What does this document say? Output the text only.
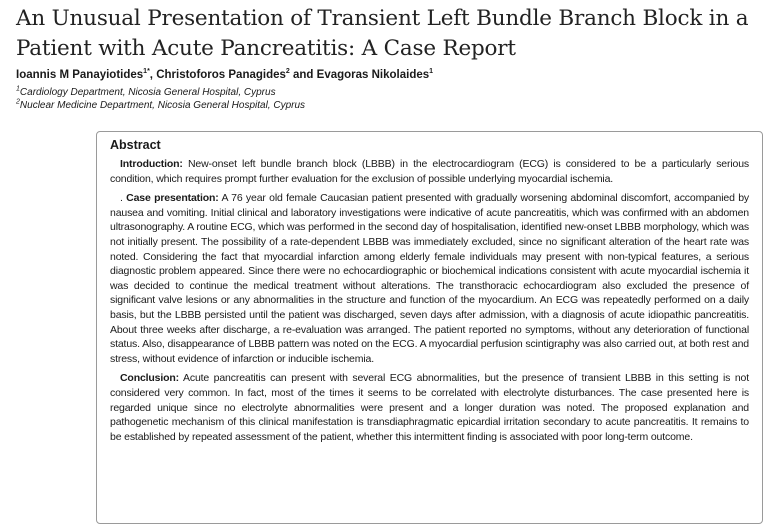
An Unusual Presentation of Transient Left Bundle Branch Block in a Patient with Acute Pancreatitis: A Case Report
Ioannis M Panayiotides$^{1*}$, Christoforos Panagides$^2$ and Evagoras Nikolaides$^1$
$^1$Cardiology Department, Nicosia General Hospital, Cyprus
$^2$Nuclear Medicine Department, Nicosia General Hospital, Cyprus
Abstract

Introduction: New-onset left bundle branch block (LBBB) in the electrocardiogram (ECG) is considered to be a particularly serious condition, which requires prompt further evaluation for the exclusion of possible underlying myocardial ischemia.

. Case presentation: A 76 year old female Caucasian patient presented with gradually worsening abdominal discomfort, accompanied by nausea and vomiting. Initial clinical and laboratory investigations were indicative of acute pancreatitis, which was confirmed with an abdomen ultrasonography. A routine ECG, which was performed in the second day of hospitalisation, identified new-onset LBBB morphology, which was not initially present. The possibility of a rate-dependent LBBB was immediately excluded, since no significant alteration of the heart rate was noted. Considering the fact that myocardial infarction among elderly female individuals may present with non-typical features, a serious diagnostic problem appeared. Since there were no echocardiographic or biochemical indications consistent with acute myocardial ischemia it was decided to continue the medical treatment without alterations. The transthoracic echocardiogram also excluded the presence of significant valve lesions or any abnormalities in the structure and function of the myocardium. An ECG was repeatedly performed on a daily basis, but the LBBB persisted until the patient was discharged, seven days after admission, with a diagnosis of acute idiopathic pancreatitis. About three weeks after discharge, a re-evaluation was arranged. The patient reported no symptoms, without any deterioration of functional status. Also, disappearance of LBBB pattern was noted on the ECG. A myocardial perfusion scintigraphy was also carried out, at both rest and stress, without evidence of infarction or inducible ischemia.

Conclusion: Acute pancreatitis can present with several ECG abnormalities, but the presence of transient LBBB in this setting is not considered very common. In fact, most of the times it seems to be correlated with electrolyte disturbances. The case presented here is regarded unique since no electrolyte abnormalities were present and a longer duration was noted. The proposed explanation and pathogenetic mechanism of this clinical manifestation is transdiaphragmatic epicardial irritation secondary to acute pancreatitis. It remains to be established by repeated assessment of the patient, whether this intermittent finding is associated with poor long-term outcome.
